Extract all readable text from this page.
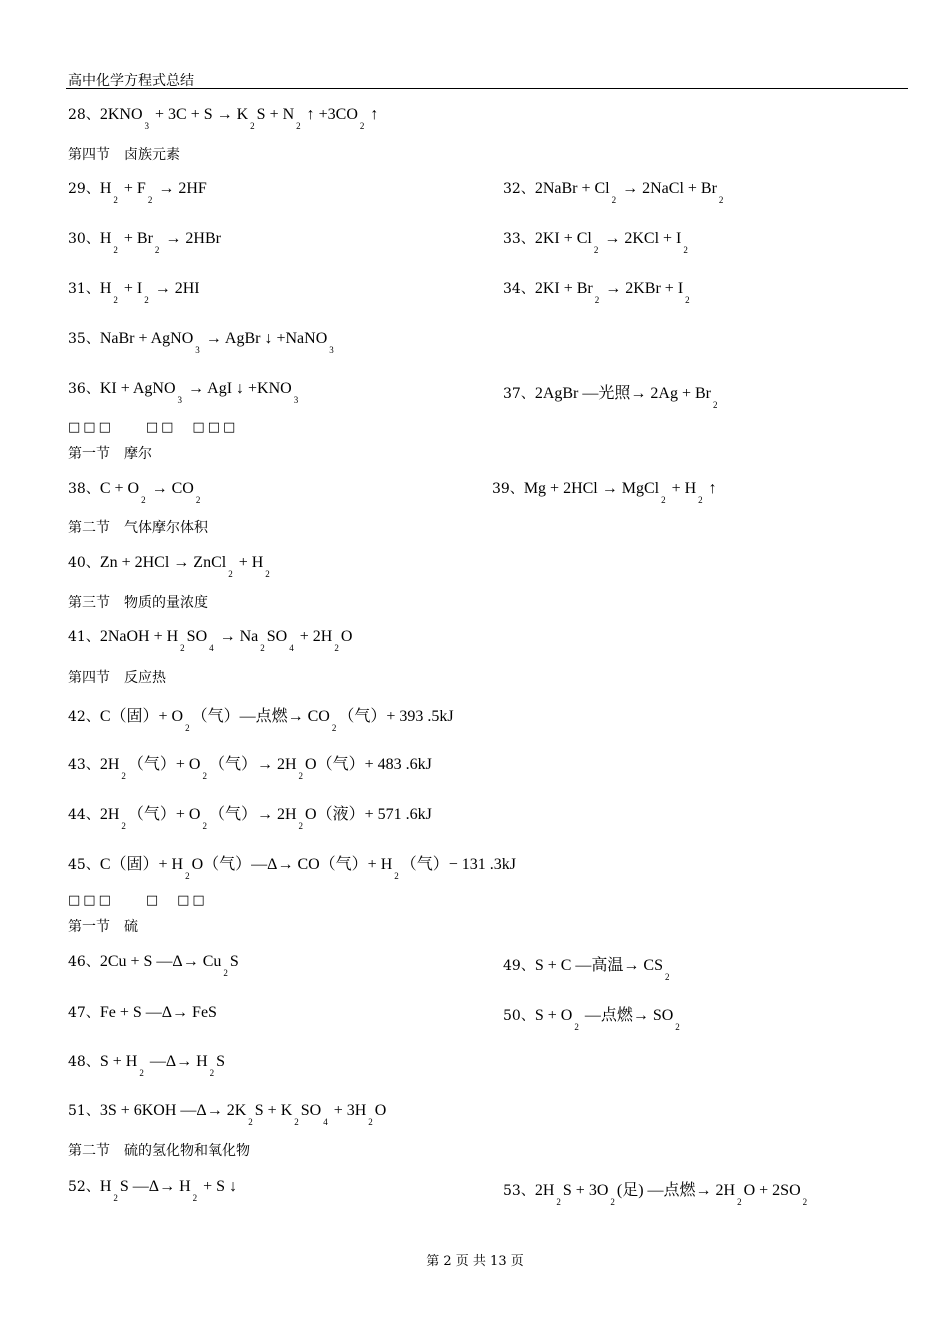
高中化学方程式总结
28、$2KNO_3 + 3C + S \to K_2S + N_2$ ↑ $+3CO_2$ ↑
第四节　卤族元素
29、$H_2 + F_2 \to 2HF$	32、2NaBr + $Cl_2$ → 2NaCl + $Br_2$
30、$H_2 + Br_2 \to 2HBr$	33、$2KI + Cl_2 \to 2KCl + I_2$
31、$H_2 + I_2 \to 2HI$	34、$2KI + Br_2 \to 2KBr + I_2$
35、NaBr + AgNO$_3$ → AgBr ↓ +NaNO$_3$
36、KI + AgNO$_3$ → AgI ↓ $+KNO_3$	37、2AgBr —光照→ $2Ag + Br_2$
□□□　　□□　□□□
第一节　摩尔
38、$C + O_2 \to CO_2$
39、Mg + 2HCl → MgCl$_2$ + $H_2$ ↑
第二节　气体摩尔体积
40、Zn + 2HCl → ZnCl$_2$ + $H_2$
第三节　物质的量浓度
41、2NaOH + $H_2SO_4 \to Na_2SO_4 + 2H_2O$
第四节　反应热
42、C（固）+ $O_2$（气）—点燃→ $CO_2$（气）+ 393 .5kJ
43、$2H_2$（气）+ $O_2$（气）→ $2H_2O$（气）+ 483 .6kJ
44、$2H_2$（气）+ $O_2$（气）→ $2H_2O$（液）+ 571 .6kJ
45、C（固）+ $H_2O$（气）—Δ→ CO（气）+ $H_2$（气）− 131 .3kJ
□□□　　□　□□
第一节　硫
46、2Cu + S —Δ→ $Cu_2S$	49、S + C —高温→ $CS_2$
47、Fe + S —Δ→ FeS	50、$S + O_2$ —点燃→ $SO_2$
48、$S + H_2$ —Δ→ $H_2S$
51、3S + 6KOH —Δ→ $2K_2S + K_2SO_4 + 3H_2O$
第二节　硫的氢化物和氧化物
52、$H_2S$ —Δ→ $H_2 + S$ ↓	53、$2H_2S + 3O_2$(足) —点燃→ $2H_2O + 2SO_2$
第 2 页 共 13 页
